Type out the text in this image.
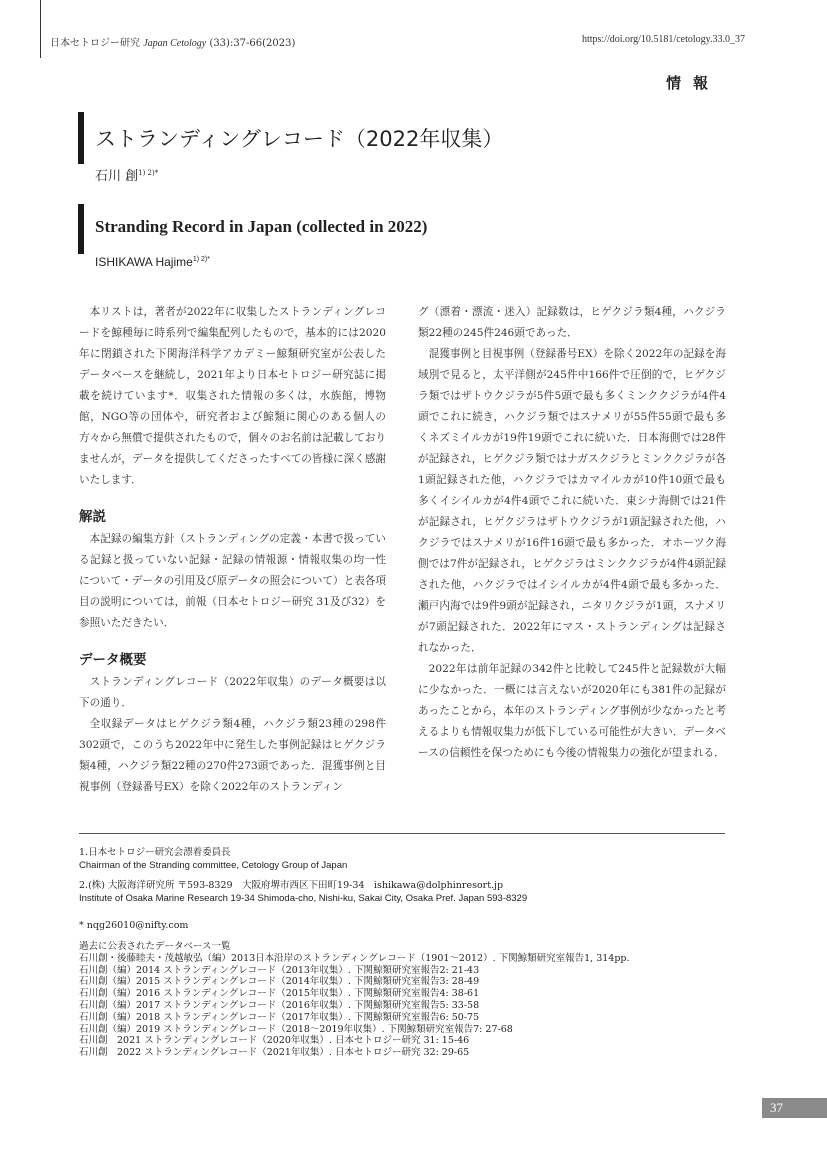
日本セトロジー研究 Japan Cetology (33):37-66(2023)	https://doi.org/10.5181/cetology.33.0_37
情報
ストランディングレコード（2022年収集）
石川 創$^{1) 2)*}$
Stranding Record in Japan (collected in 2022)
ISHIKAWA Hajime$^{1) 2)*}$

本リストは，著者が2022年に収集したストランディングレコードを鯨種毎に時系列で編集配列したもので，基本的には2020年に閉鎖された下関海洋科学アカデミー鯨類研究室が公表したデータベースを継続し，2021年より日本セトロジー研究誌に掲載を続けています*．収集された情報の多くは，水族館，博物館，NGO等の団体や，研究者および鯨類に関心のある個人の方々から無償で提供されたもので，個々のお名前は記載しておりませんが，データを提供してくださったすべての皆様に深く感謝いたします．

解説

本記録の編集方針（ストランディングの定義・本書で扱っている記録と扱っていない記録・記録の情報源・情報収集の均一性について・データの引用及び原データの照会について）と表各項目の説明については，前報（日本セトロジー研究 31及び32）を参照いただきたい．

データ概要

ストランディングレコード（2022年収集）のデータ概要は以下の通り．

全収録データはヒゲクジラ類4種，ハクジラ類23種の298件302頭で，このうち2022年中に発生した事例記録はヒゲクジラ類4種，ハクジラ類22種の270件273頭であった．混獲事例と目視事例（登録番号EX）を除く2022年のストランディン

グ（漂着・漂流・迷入）記録数は，ヒゲクジラ類4種，ハクジラ類22種の245件246頭であった．

混獲事例と目視事例（登録番号EX）を除く2022年の記録を海域別で見ると，太平洋側が245件中166件で圧倒的で，ヒゲクジラ類ではザトウクジラが5件5頭で最も多くミンククジラが4件4頭でこれに続き，ハクジラ類ではスナメリが55件55頭で最も多くネズミイルカが19件19頭でこれに続いた．日本海側では28件が記録され，ヒゲクジラ類ではナガスクジラとミンククジラが各1頭記録された他，ハクジラではカマイルカが10件10頭で最も多くイシイルカが4件4頭でこれに続いた．東シナ海側では21件が記録され，ヒゲクジラはザトウクジラが1頭記録された他，ハクジラではスナメリが16件16頭で最も多かった．オホーツク海側では7件が記録され，ヒゲクジラはミンククジラが4件4頭記録された他，ハクジラではイシイルカが4件4頭で最も多かった．瀬戸内海では9件9頭が記録され，ニタリクジラが1頭，スナメリが7頭記録された．2022年にマス・ストランディングは記録されなかった．

2022年は前年記録の342件と比較して245件と記録数が大幅に少なかった．一概には言えないが2020年にも381件の記録があったことから，本年のストランディング事例が少なかったと考えるよりも情報収集力が低下している可能性が大きい．データベースの信頼性を保つためにも今後の情報集力の強化が望まれる．

1.日本セトロジー研究会漂着委員長
Chairman of the Stranding committee, Cetology Group of Japan
2.(株) 大阪海洋研究所 〒593-8329　大阪府堺市西区下田町19-34　ishikawa@dolphinresort.jp
Institute of Osaka Marine Research 19-34 Shimoda-cho, Nishi-ku, Sakai City, Osaka Pref. Japan 593-8329
* nqg26010@nifty.com
過去に公表されたデータベース一覧
石川創・後藤睦夫・茂越敏弘（編）2013日本沿岸のストランディングレコード（1901〜2012）. 下関鯨類研究室報告1, 314pp.
石川創（編）2014 ストランディングレコード（2013年収集）. 下関鯨類研究室報告2: 21-43
石川創（編）2015 ストランディングレコード（2014年収集）. 下関鯨類研究室報告3: 28-49
石川創（編）2016 ストランディングレコード（2015年収集）. 下関鯨類研究室報告4: 38-61
石川創（編）2017 ストランディングレコード（2016年収集）. 下関鯨類研究室報告5: 33-58
石川創（編）2018 ストランディングレコード（2017年収集）. 下関鯨類研究室報告6: 50-75
石川創（編）2019 ストランディングレコード（2018〜2019年収集）. 下関鯨類研究室報告7: 27-68
石川創　2021 ストランディングレコード（2020年収集）. 日本セトロジー研究 31: 15-46
石川創　2022 ストランディングレコード（2021年収集）. 日本セトロジー研究 32: 29-65
37
